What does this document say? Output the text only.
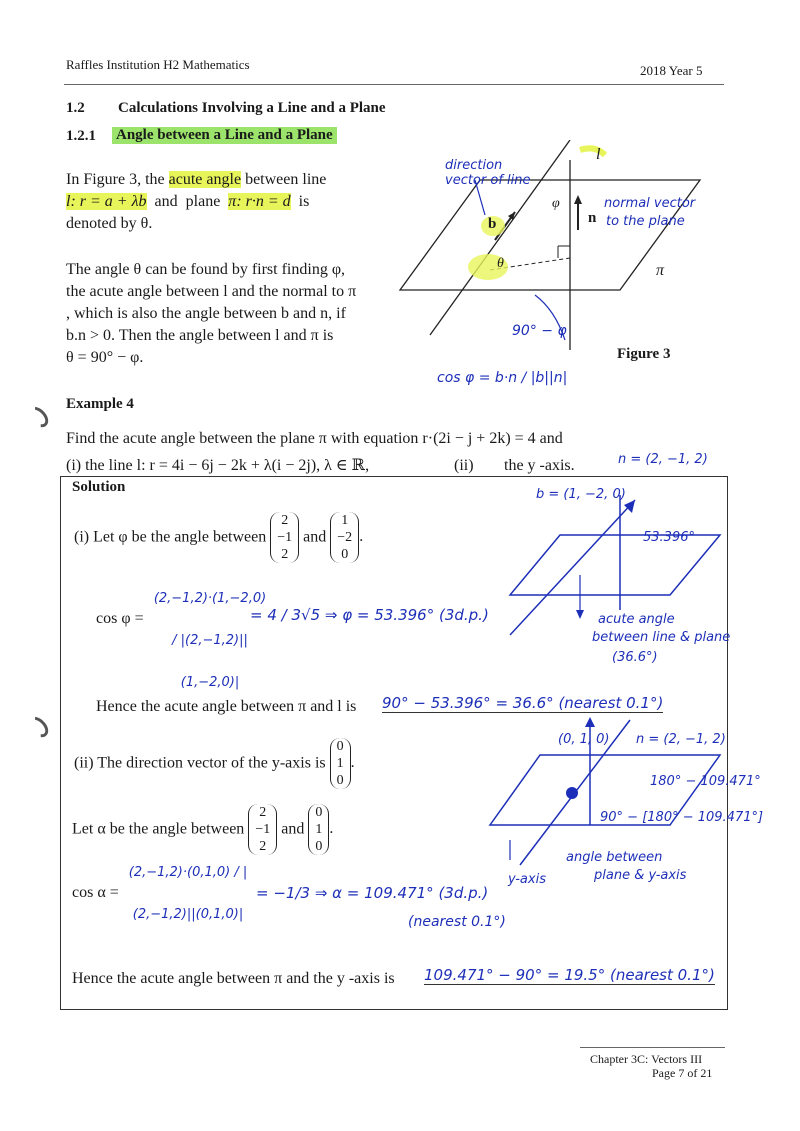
Raffles Institution H2 Mathematics	2018 Year 5
1.2 Calculations Involving a Line and a Plane
1.2.1 Angle between a Line and a Plane
In Figure 3, the acute angle between line
l: r = a + λb and plane π: r·n = d is
denoted by θ.
The angle θ can be found by first finding φ,
the acute angle between l and the normal to π
, which is also the angle between b and n, if
b.n > 0. Then the angle between l and π is
θ = 90° − φ.
l
π
b	n
φ
θ
Figure 3
direction vector of line
normal vector
to the plane
90° − φ
cos φ = b·n / |b||n|
Example 4
Find the acute angle between the plane π with equation r·(2i − j + 2k) = 4 and
(i) the line l: r = 4i − 6j − 2k + λ(i − 2j), λ ∈ ℝ,	(ii) the y -axis.	n = (2, −1, 2)
Solution
(i) Let φ be the angle between
2
−1
2
and
1
−2
0
.
cos φ =
(2,−1,2)·(1,−2,0) / |(2,−1,2)||(1,−2,0)|
= 4 / 3√5 ⇒ φ = 53.396° (3d.p.)
Hence the acute angle between π and l is 90° − 53.396° = 36.6° (nearest 0.1°)
b = (1, −2, 0)
53.396°
acute angle
between line & plane
(36.6°)
(ii) The direction vector of the y-axis is
0
1
0
.
Let α be the angle between
2
−1
2
and
0
1
0
.
cos α =
(2,−1,2)·(0,1,0) / |(2,−1,2)||(0,1,0)|
= −1/3 ⇒ α = 109.471° (3d.p.)
(nearest 0.1°)
Hence the acute angle between π and the y -axis is 109.471° − 90° = 19.5° (nearest 0.1°)
(0, 1, 0) n = (2, −1, 2)
180° − 109.471°
90° − [180° − 109.471°]
y-axis
angle between
plane & y-axis
Chapter 3C: Vectors III
Page 7 of 21
